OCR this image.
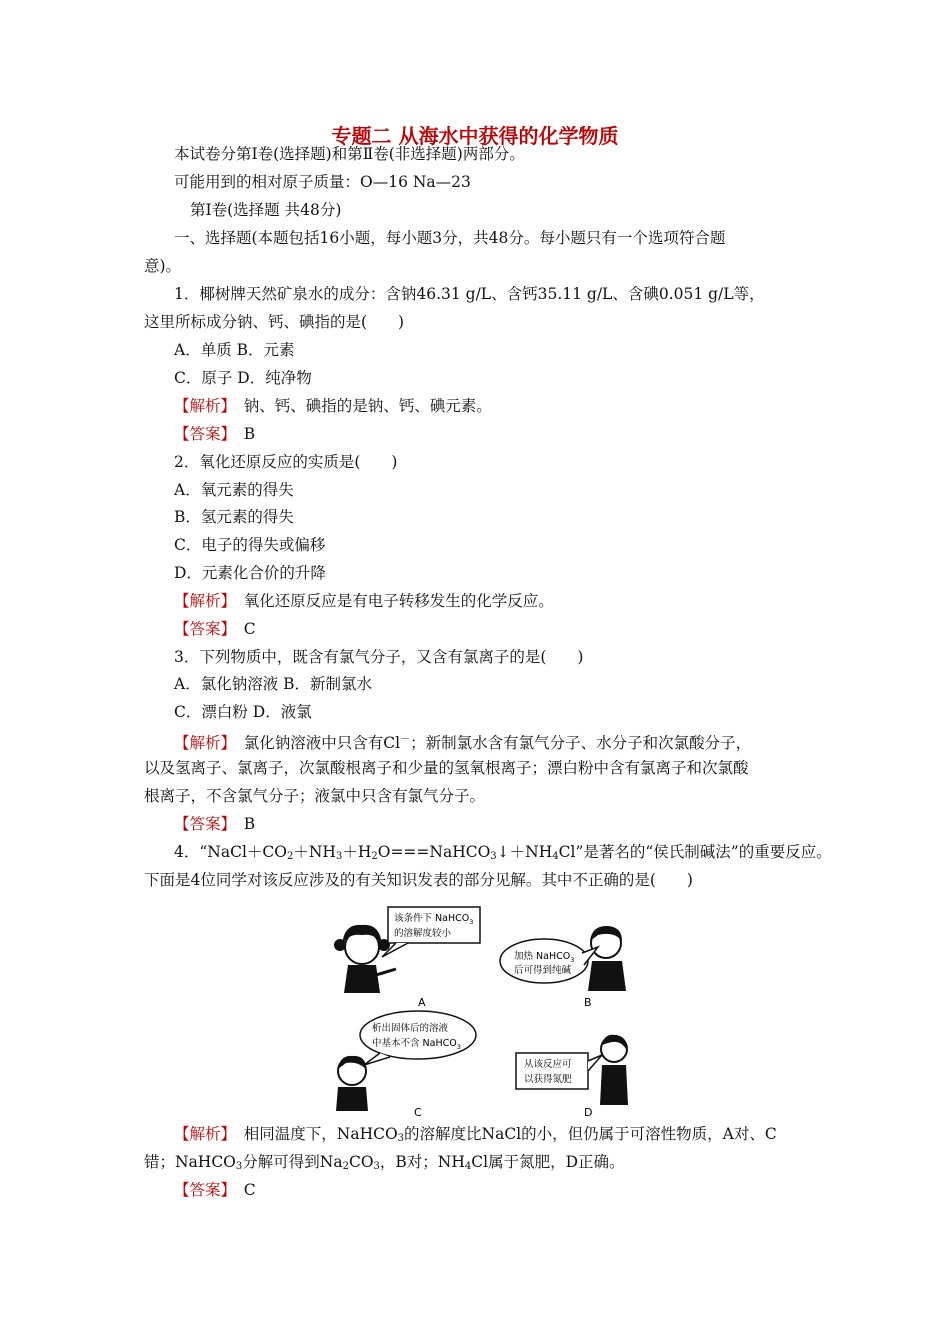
专题二 从海水中获得的化学物质
本试卷分第Ⅰ卷(选择题)和第Ⅱ卷(非选择题)两部分。
可能用到的相对原子质量：O—16 Na—23
第Ⅰ卷(选择题 共48分)
一、选择题(本题包括16小题，每小题3分，共48分。每小题只有一个选项符合题
意)。
1．椰树牌天然矿泉水的成分：含钠46.31 g/L、含钙35.11 g/L、含碘0.051 g/L等，
这里所标成分钠、钙、碘指的是(　　)
A．单质 B．元素
C．原子 D．纯净物
【解析】　 钠、钙、碘指的是钠、钙、碘元素。
【答案】　 B
2．氧化还原反应的实质是(　　)
A．氧元素的得失
B．氢元素的得失
C．电子的得失或偏移
D．元素化合价的升降
【解析】　 氧化还原反应是有电子转移发生的化学反应。
【答案】　 C
3．下列物质中，既含有氯气分子，又含有氯离子的是(　　)
A．氯化钠溶液 B．新制氯水
C．漂白粉 D．液氯
【解析】　 氯化钠溶液中只含有Cl－；新制氯水含有氯气分子、水分子和次氯酸分子，
以及氢离子、氯离子，次氯酸根离子和少量的氢氧根离子；漂白粉中含有氯离子和次氯酸
根离子，不含氯气分子；液氯中只含有氯气分子。
【答案】　 B
4．“$NaCl+CO_2+NH_3+H_2O===NaHCO_3↓+NH_4Cl$”是著名的“侯氏制碱法”的重要反应。
下面是4位同学对该反应涉及的有关知识发表的部分见解。其中不正确的是(　　)
该条件下 NaHCO$_3$
的溶解度较小
A
加热 NaHCO$_3$
后可得到纯碱
B
析出固体后的溶液
中基本不含 NaHCO$_3$
C
从该反应可
以获得氮肥
D
【解析】　 相同温度下，NaHCO$_3$的溶解度比NaCl的小，但仍属于可溶性物质，A对、C
错；NaHCO$_3$分解可得到$Na_2CO_3$，B对；$NH_4Cl$属于氮肥，D正确。
【答案】　 C
